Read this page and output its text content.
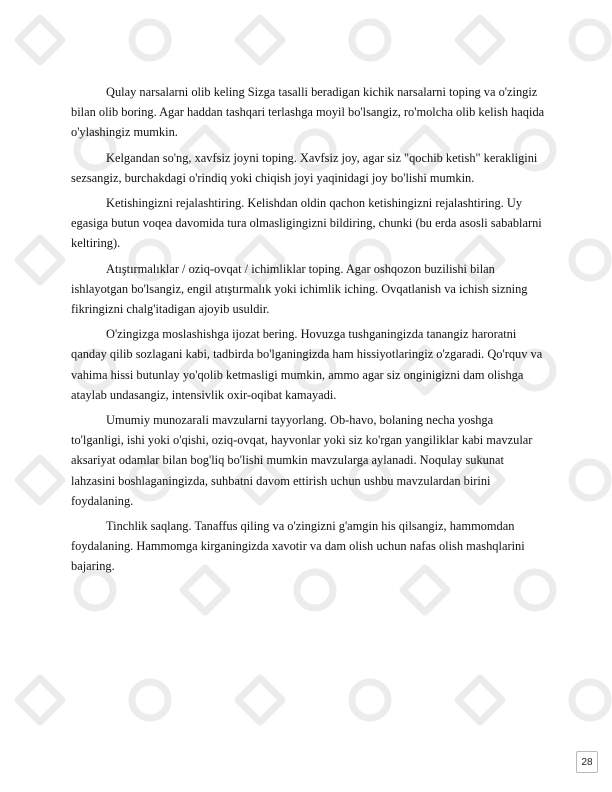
Qulay narsalarni olib keling Sizga tasalli beradigan kichik narsalarni toping va o'zingiz bilan olib boring. Agar haddan tashqari terlashga moyil bo'lsangiz, ro'molcha olib kelish haqida o'ylashingiz mumkin.

Kelgandan so'ng, xavfsiz joyni toping. Xavfsiz joy, agar siz "qochib ketish" kerakligini sezsangiz, burchakdagi o'rindiq yoki chiqish joyi yaqinidagi joy bo'lishi mumkin.

Ketishingizni rejalashtiring. Kelishdan oldin qachon ketishingizni rejalashtiring. Uy egasiga butun voqea davomida tura olmasligingizni bildiring, chunki (bu erda asosli sabablarni keltiring).

Atıştırmalıklar / oziq-ovqat / ichimliklar toping. Agar oshqozon buzilishi bilan ishlayotgan bo'lsangiz, engil atıştırmalık yoki ichimlik iching. Ovqatlanish va ichish sizning fikringizni chalg'itadigan ajoyib usuldir.

O'zingizga moslashishga ijozat bering. Hovuzga tushganingizda tanangiz haroratni qanday qilib sozlagani kabi, tadbirda bo'lganingizda ham hissiyotlaringiz o'zgaradi. Qo'rquv va vahima hissi butunlay yo'qolib ketmasligi mumkin, ammo agar siz onginigizni dam olishga ataylab undasangiz, intensivlik oxir-oqibat kamayadi.

Umumiy munozarali mavzularni tayyorlang. Ob-havo, bolaning necha yoshga to'lganligi, ishi yoki o'qishi, oziq-ovqat, hayvonlar yoki siz ko'rgan yangiliklar kabi mavzular aksariyat odamlar bilan bog'liq bo'lishi mumkin mavzularga aylanadi. Noqulay sukunat lahzasini boshlaganingizda, suhbatni davom ettirish uchun ushbu mavzulardan birini foydalaning.

Tinchlik saqlang. Tanaffus qiling va o'zingizni g'amgin his qilsangiz, hammomdan foydalaning. Hammomga kirganingizda xavotir va dam olish uchun nafas olish mashqlarini bajaring.

28
